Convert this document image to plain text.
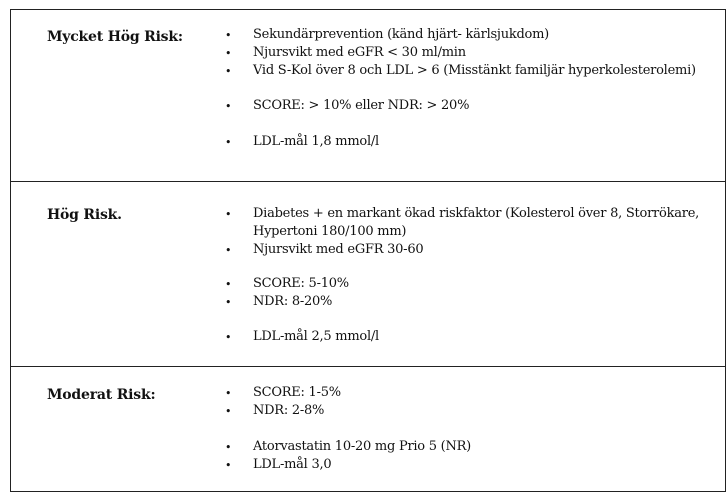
Mycket Hög Risk:	• Sekundärprevention (känd hjärt- kärlsjukdom)
• Njursvikt med eGFR < 30 ml/min
• Vid S-Kol över 8 och LDL > 6 (Misstänkt familjär hyperkolesterolemi)
• SCORE: > 10% eller NDR: > 20%
• LDL-mål 1,8 mmol/l
Hög Risk.	• Diabetes + en markant ökad riskfaktor (Kolesterol över 8, Storrökare, Hypertoni 180/100 mm)
• Njursvikt med eGFR 30-60
• SCORE: 5-10%
• NDR: 8-20%
• LDL-mål 2,5 mmol/l
Moderat Risk:	• SCORE: 1-5%
• NDR: 2-8%
• Atorvastatin 10-20 mg Prio 5 (NR)
• LDL-mål 3,0
